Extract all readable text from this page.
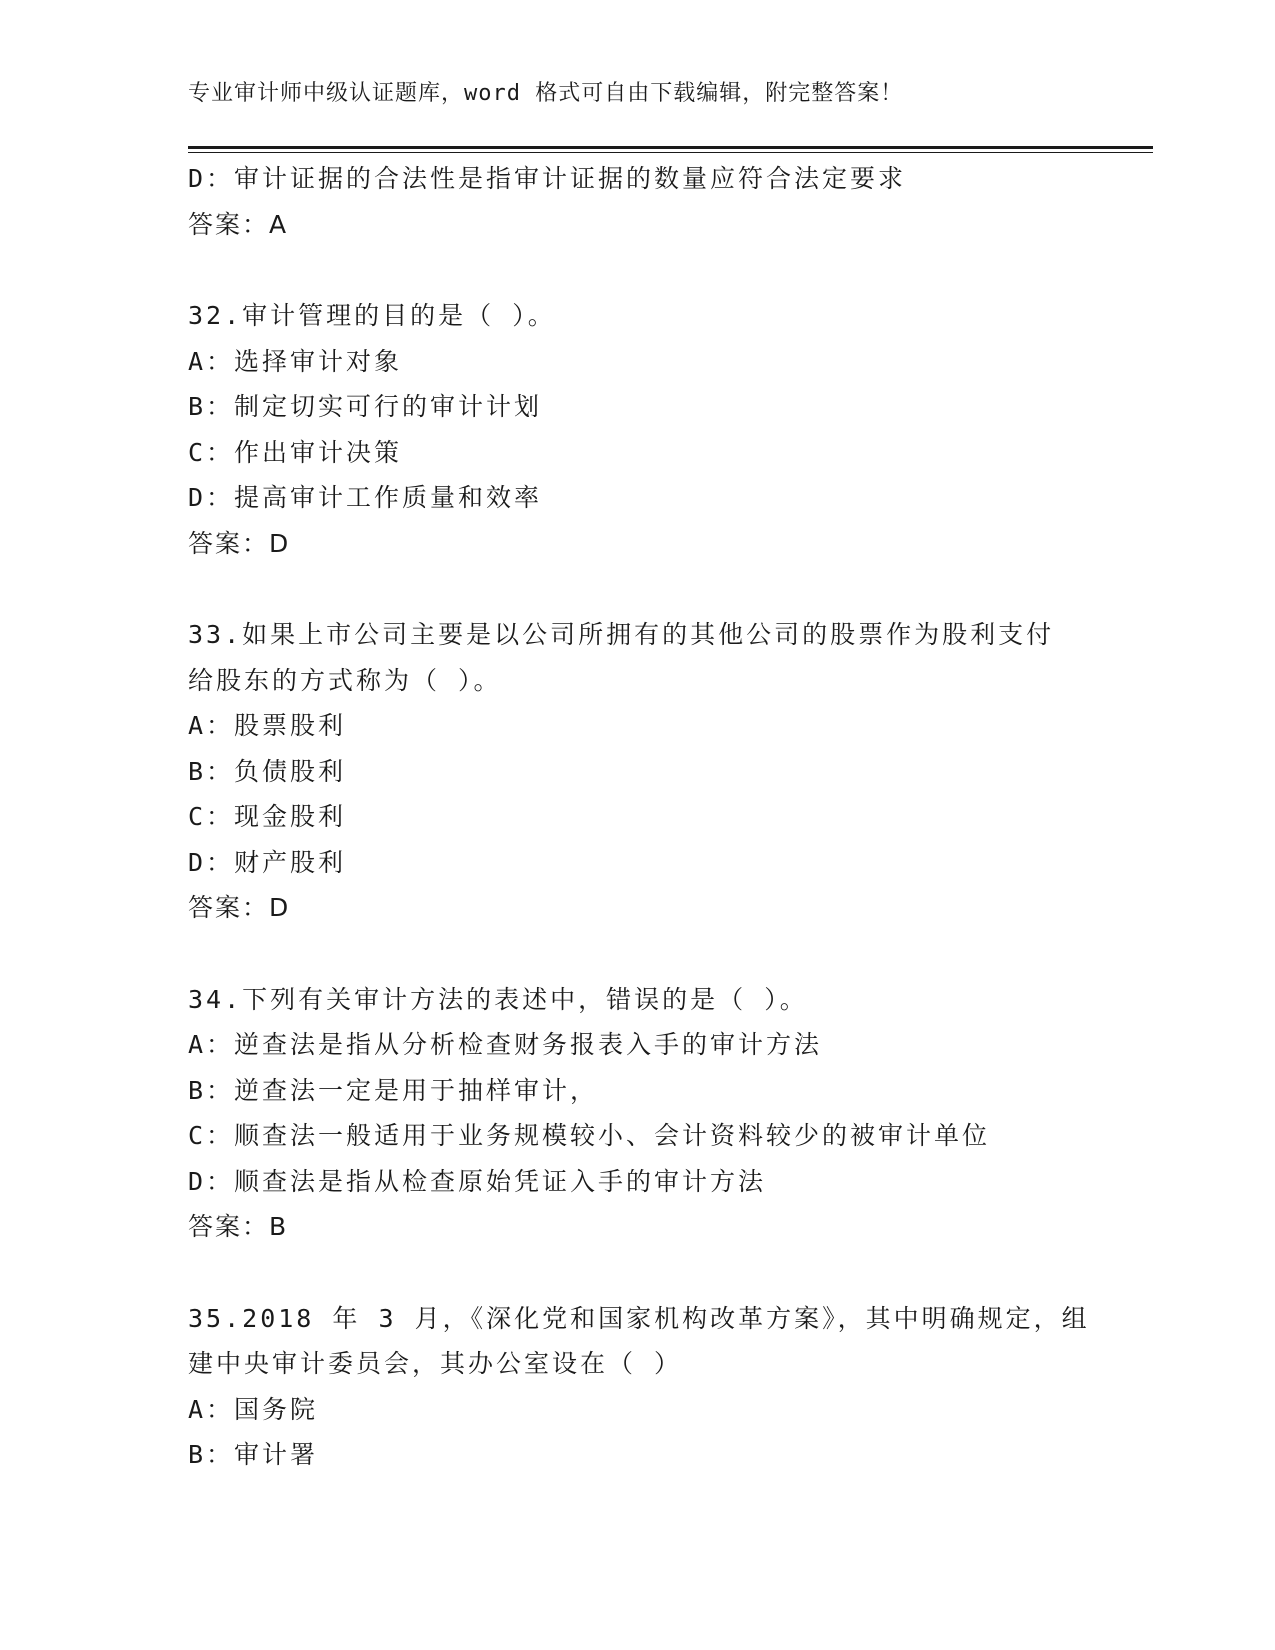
专业审计师中级认证题库，word 格式可自由下载编辑，附完整答案！
D：审计证据的合法性是指审计证据的数量应符合法定要求
答案：A
32.审计管理的目的是（ ）。
A：选择审计对象
B：制定切实可行的审计计划
C：作出审计决策
D：提高审计工作质量和效率
答案：D
33.如果上市公司主要是以公司所拥有的其他公司的股票作为股利支付
给股东的方式称为（ ）。
A：股票股利
B：负债股利
C：现金股利
D：财产股利
答案：D
34.下列有关审计方法的表述中，错误的是（ ）。
A：逆查法是指从分析检查财务报表入手的审计方法
B：逆查法一定是用于抽样审计，
C：顺查法一般适用于业务规模较小、会计资料较少的被审计单位
D：顺查法是指从检查原始凭证入手的审计方法
答案：B
35.2018 年 3 月，《深化党和国家机构改革方案》，其中明确规定，组
建中央审计委员会，其办公室设在（ ）
A：国务院
B：审计署
